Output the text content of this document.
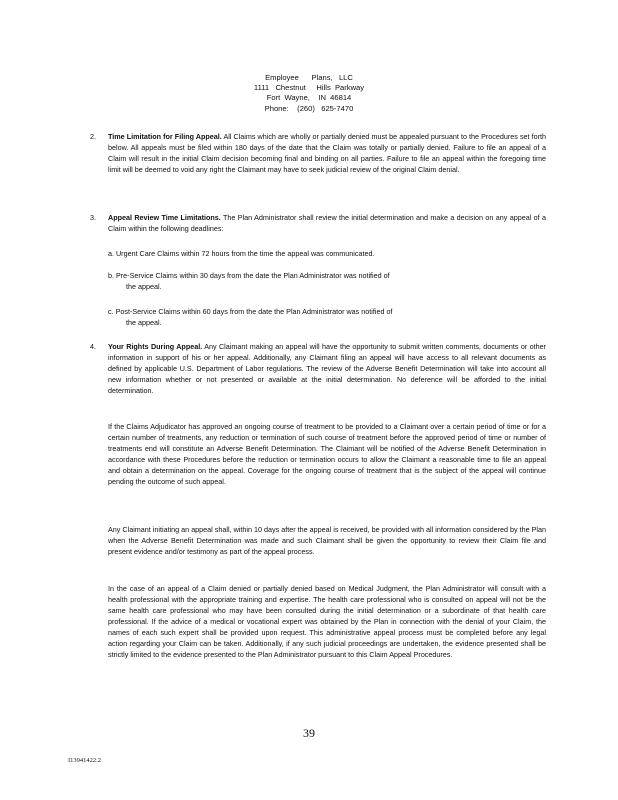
Employee      Plans,   LLC
1111   Chestnut     Hills  Parkway
Fort  Wayne,    IN  46814
Phone:    (260)   625-7470
2. Time Limitation for Filing Appeal. All Claims which are wholly or partially denied must be appealed pursuant to the Procedures set forth below. All appeals must be filed within 180 days of the date that the Claim was totally or partially denied. Failure to file an appeal of a Claim will result in the initial Claim decision becoming final and binding on all parties. Failure to file an appeal within the foregoing time limit will be deemed to void any right the Claimant may have to seek judicial review of the original Claim denial.
3. Appeal Review Time Limitations. The Plan Administrator shall review the initial determination and make a decision on any appeal of a Claim within the following deadlines:
a. Urgent Care Claims within 72 hours from the time the appeal was communicated.
b. Pre-Service Claims within 30 days from the date the Plan Administrator was notified of
the appeal.
c. Post-Service Claims within 60 days from the date the Plan Administrator was notified of
the appeal.
4. Your Rights During Appeal. Any Claimant making an appeal will have the opportunity to submit written comments, documents or other information in support of his or her appeal. Additionally, any Claimant filing an appeal will have access to all relevant documents as defined by applicable U.S. Department of Labor regulations. The review of the Adverse Benefit Determination will take into account all new information whether or not presented or available at the initial determination. No deference will be afforded to the initial determination.
If the Claims Adjudicator has approved an ongoing course of treatment to be provided to a Claimant over a certain period of time or for a certain number of treatments, any reduction or termination of such course of treatment before the approved period of time or number of treatments end will constitute an Adverse Benefit Determination. The Claimant will be notified of the Adverse Benefit Determination in accordance with these Procedures before the reduction or termination occurs to allow the Claimant a reasonable time to file an appeal and obtain a determination on the appeal. Coverage for the ongoing course of treatment that is the subject of the appeal will continue pending the outcome of such appeal.
Any Claimant initiating an appeal shall, within 10 days after the appeal is received, be provided with all information considered by the Plan when the Adverse Benefit Determination was made and such Claimant shall be given the opportunity to review their Claim file and present evidence and/or testimony as part of the appeal process.
In the case of an appeal of a Claim denied or partially denied based on Medical Judgment, the Plan Administrator will consult with a health professional with the appropriate training and expertise. The health care professional who is consulted on appeal will not be the same health care professional who may have been consulted during the initial determination or a subordinate of that health care professional. If the advice of a medical or vocational expert was obtained by the Plan in connection with the denial of your Claim, the names of each such expert shall be provided upon request. This administrative appeal process must be completed before any legal action regarding your Claim can be taken. Additionally, if any such judicial proceedings are undertaken, the evidence presented shall be strictly limited to the evidence presented to the Plan Administrator pursuant to this Claim Appeal Procedures.
39
I13941422.2
